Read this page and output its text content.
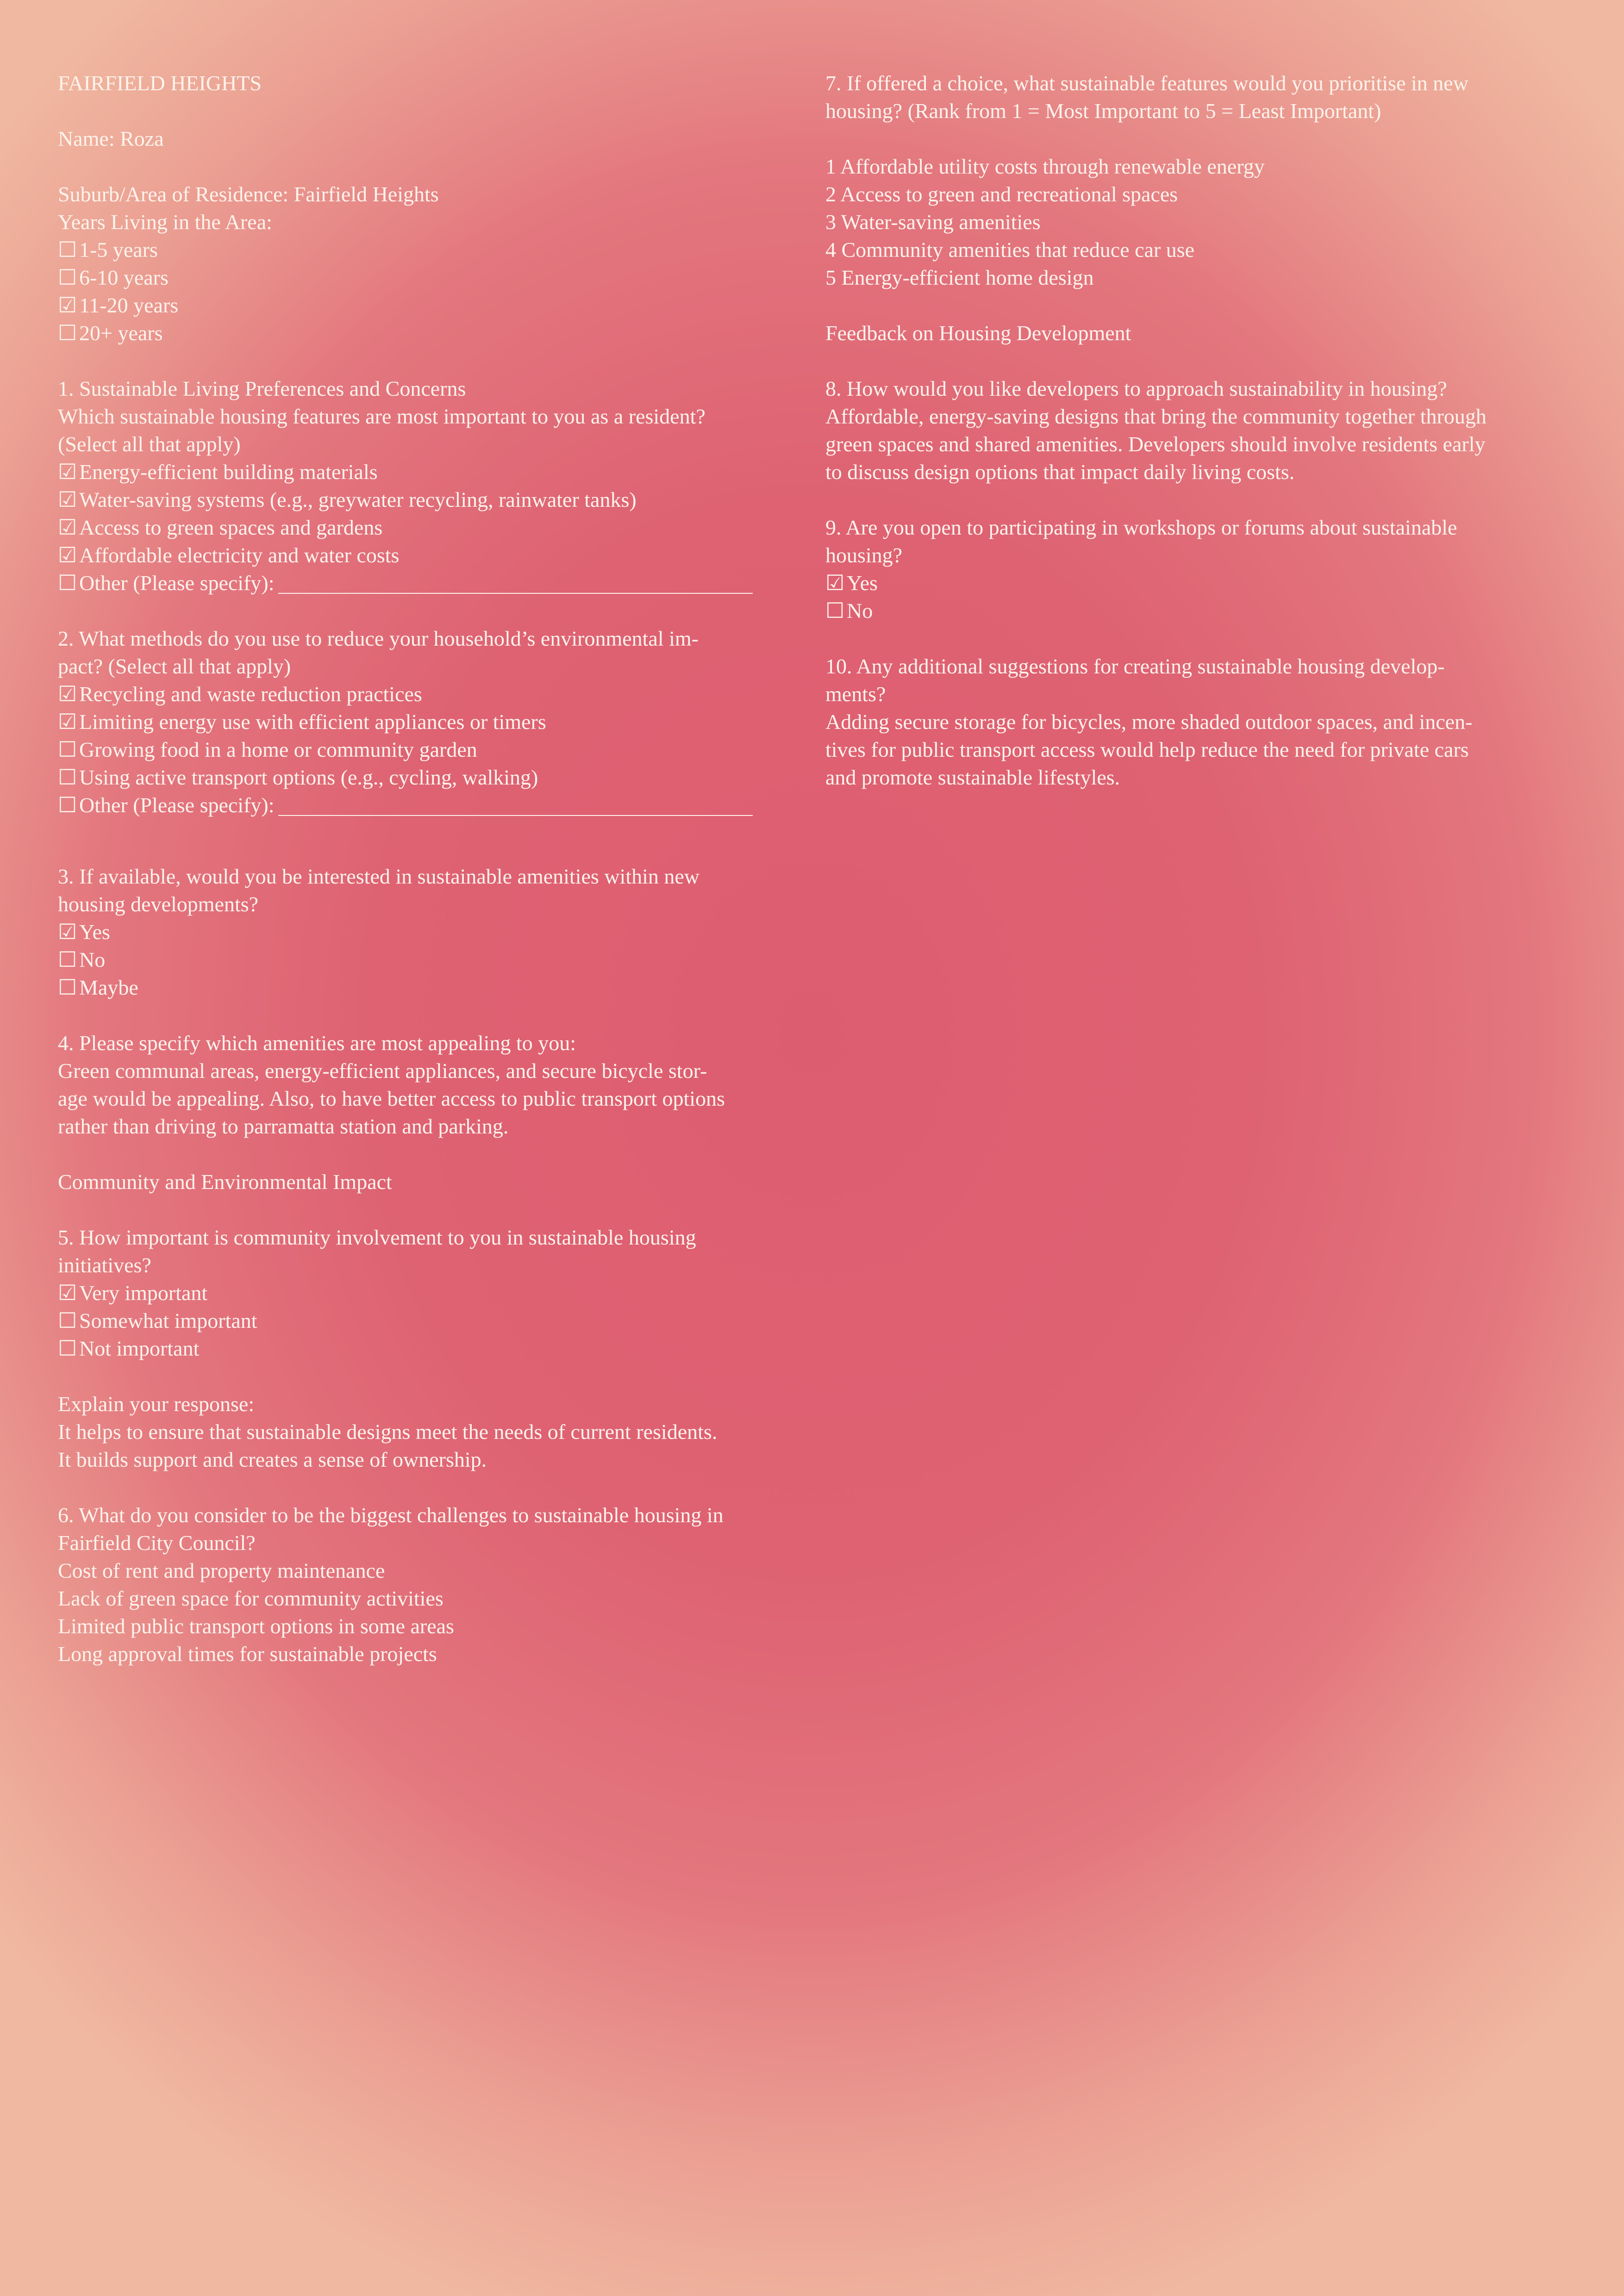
FAIRFIELD HEIGHTS
Name: Roza
Suburb/Area of Residence: Fairfield Heights
Years Living in the Area:
☐ 1-5 years
☐ 6-10 years
☑ 11-20 years
☐ 20+ years
1. Sustainable Living Preferences and Concerns
Which sustainable housing features are most important to you as a resident?
(Select all that apply)
☑ Energy-efficient building materials
☑ Water-saving systems (e.g., greywater recycling, rainwater tanks)
☑ Access to green spaces and gardens
☑ Affordable electricity and water costs
☐ Other (Please specify):
2. What methods do you use to reduce your household’s environmental im-
pact? (Select all that apply)
☑ Recycling and waste reduction practices
☑ Limiting energy use with efficient appliances or timers
☐ Growing food in a home or community garden
☐ Using active transport options (e.g., cycling, walking)
☐ Other (Please specify):
3. If available, would you be interested in sustainable amenities within new
housing developments?
☑ Yes
☐ No
☐ Maybe
4. Please specify which amenities are most appealing to you:
Green communal areas, energy-efficient appliances, and secure bicycle stor-
age would be appealing. Also, to have better access to public transport options
rather than driving to parramatta station and parking.
Community and Environmental Impact
5. How important is community involvement to you in sustainable housing
initiatives?
☑ Very important
☐ Somewhat important
☐ Not important
Explain your response:
It helps to ensure that sustainable designs meet the needs of current residents.
It builds support and creates a sense of ownership.
6. What do you consider to be the biggest challenges to sustainable housing in
Fairfield City Council?
Cost of rent and property maintenance
Lack of green space for community activities
Limited public transport options in some areas
Long approval times for sustainable projects
7. If offered a choice, what sustainable features would you prioritise in new
housing? (Rank from 1 = Most Important to 5 = Least Important)
1 Affordable utility costs through renewable energy
2 Access to green and recreational spaces
3 Water-saving amenities
4 Community amenities that reduce car use
5 Energy-efficient home design
Feedback on Housing Development
8. How would you like developers to approach sustainability in housing?
Affordable, energy-saving designs that bring the community together through
green spaces and shared amenities. Developers should involve residents early
to discuss design options that impact daily living costs.
9. Are you open to participating in workshops or forums about sustainable
housing?
☑ Yes
☐ No
10. Any additional suggestions for creating sustainable housing develop-
ments?
Adding secure storage for bicycles, more shaded outdoor spaces, and incen-
tives for public transport access would help reduce the need for private cars
and promote sustainable lifestyles.
